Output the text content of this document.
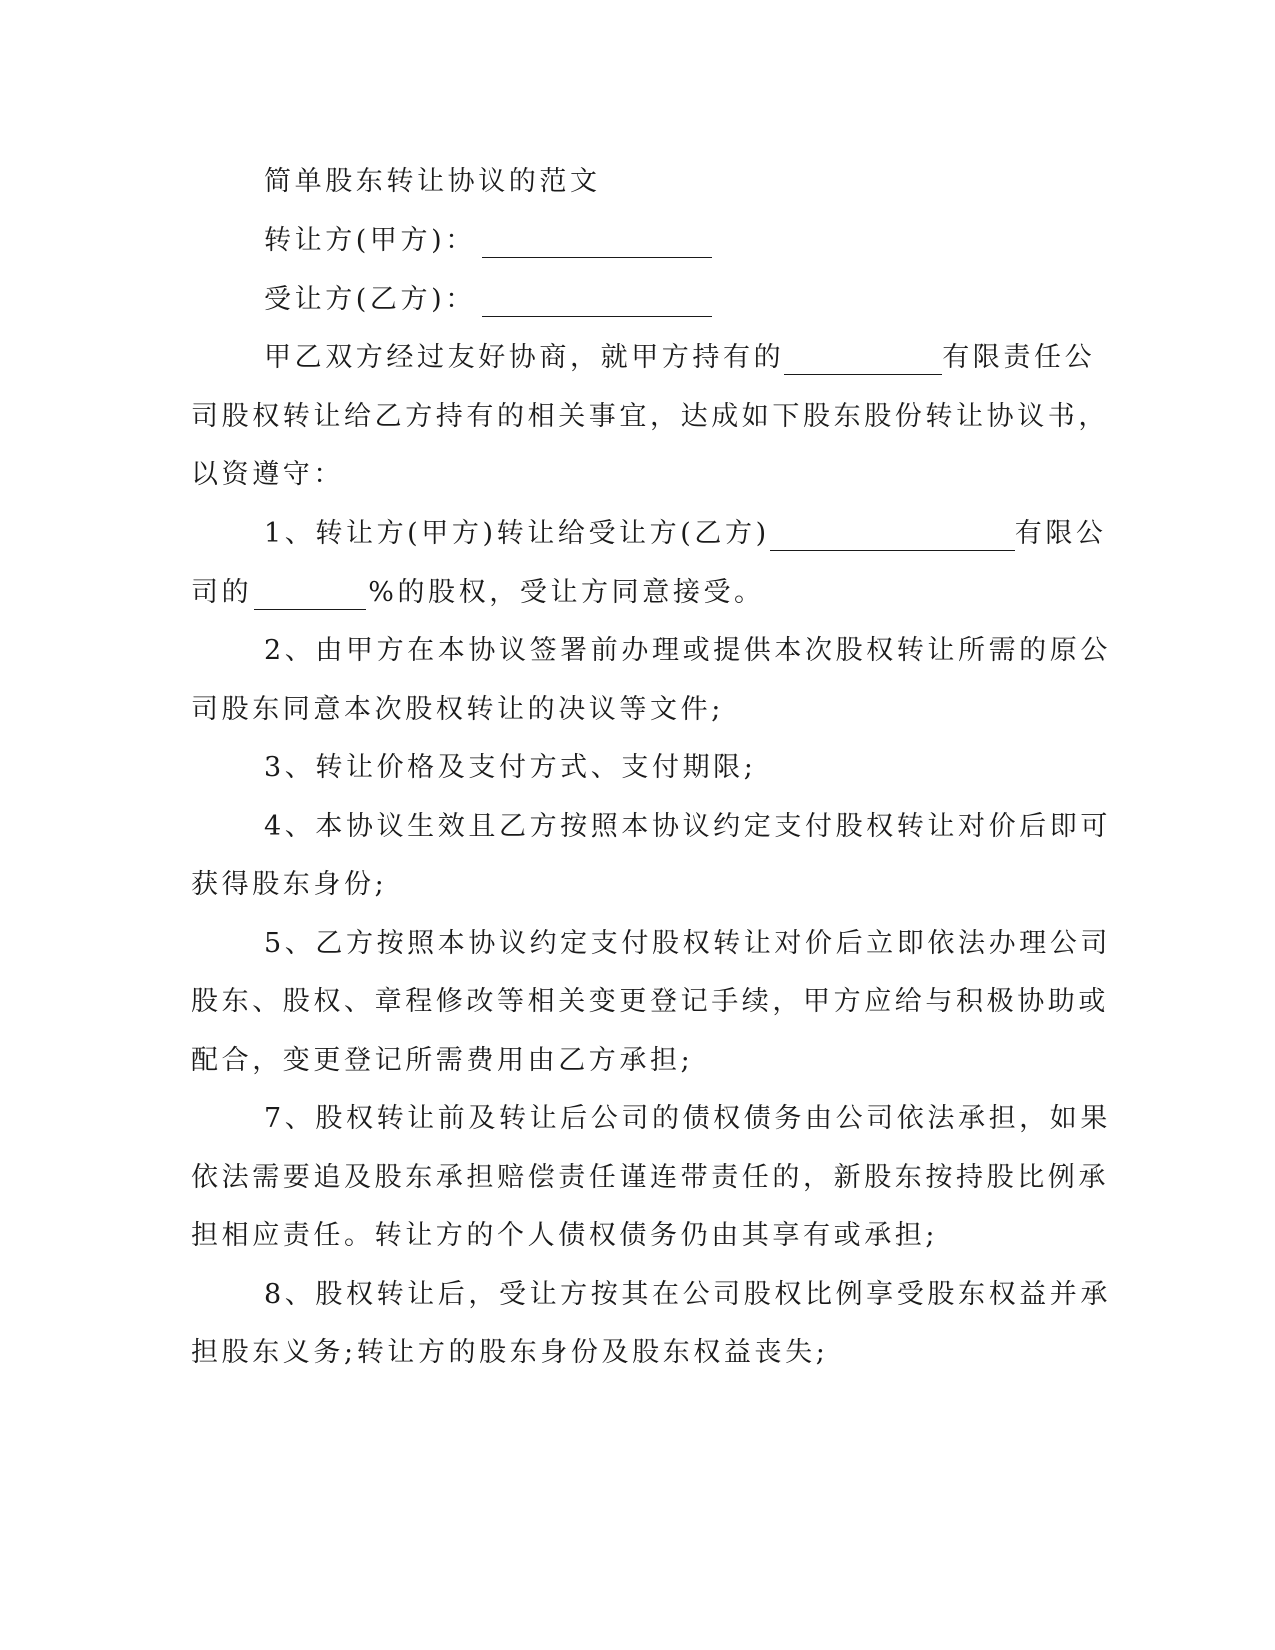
简单股东转让协议的范文
转让方(甲方)：
受让方(乙方)：
甲乙双方经过友好协商，就甲方持有的	有限责任公
司股权转让给乙方持有的相关事宜，达成如下股东股份转让协议书，
以资遵守：
1、转让方(甲方)转让给受让方(乙方)	有限公
司的	%的股权，受让方同意接受。
2、由甲方在本协议签署前办理或提供本次股权转让所需的原公
司股东同意本次股权转让的决议等文件;
3、转让价格及支付方式、支付期限;
4、本协议生效且乙方按照本协议约定支付股权转让对价后即可
获得股东身份;
5、乙方按照本协议约定支付股权转让对价后立即依法办理公司
股东、股权、章程修改等相关变更登记手续，甲方应给与积极协助或
配合，变更登记所需费用由乙方承担;
7、股权转让前及转让后公司的债权债务由公司依法承担，如果
依法需要追及股东承担赔偿责任谨连带责任的，新股东按持股比例承
担相应责任。转让方的个人债权债务仍由其享有或承担;
8、股权转让后，受让方按其在公司股权比例享受股东权益并承
担股东义务;转让方的股东身份及股东权益丧失;
